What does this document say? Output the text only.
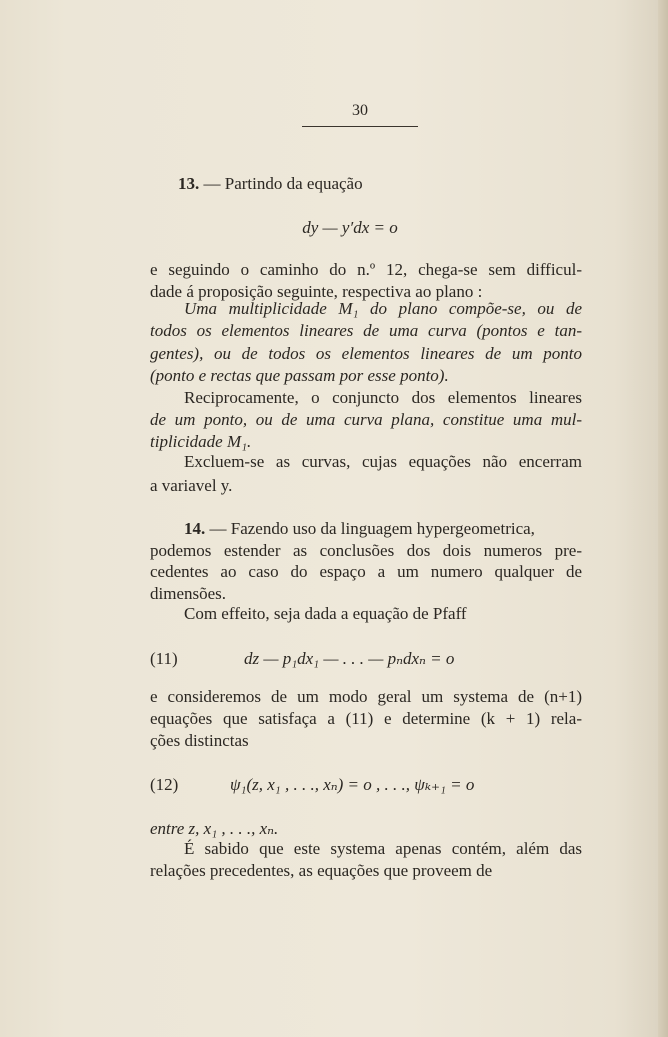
30
13. — Partindo da equação
dy — y′dx = o
e seguindo o caminho do n.º 12, chega-se sem difficul-
dade á proposição seguinte, respectiva ao plano :
Uma multiplicidade M₁ do plano compõe-se, ou de
todos os elementos lineares de uma curva (pontos e tan-
gentes), ou de todos os elementos lineares de um ponto
(ponto e rectas que passam por esse ponto).
Reciprocamente, o conjuncto dos elementos lineares
de um ponto, ou de uma curva plana, constitue uma mul-
tiplicidade M₁.
Excluem-se as curvas, cujas equações não encerram
a variavel y.
14. — Fazendo uso da linguagem hypergeometrica,
podemos estender as conclusões dos dois numeros pre-
cedentes ao caso do espaço a um numero qualquer de
dimensões.
Com effeito, seja dada a equação de Pfaff
(11)	dz — p₁dx₁ — . . . — pₙdxₙ = o
e consideremos de um modo geral um systema de (n+1)
equações que satisfaça a (11) e determine (k + 1) rela-
ções distinctas
(12)	ψ₁(z, x₁ , . . ., xₙ) = o , . . ., ψₖ₊₁ = o
entre z, x₁ , . . ., xₙ.
É sabido que este systema apenas contém, além das
relações precedentes, as equações que proveem de
